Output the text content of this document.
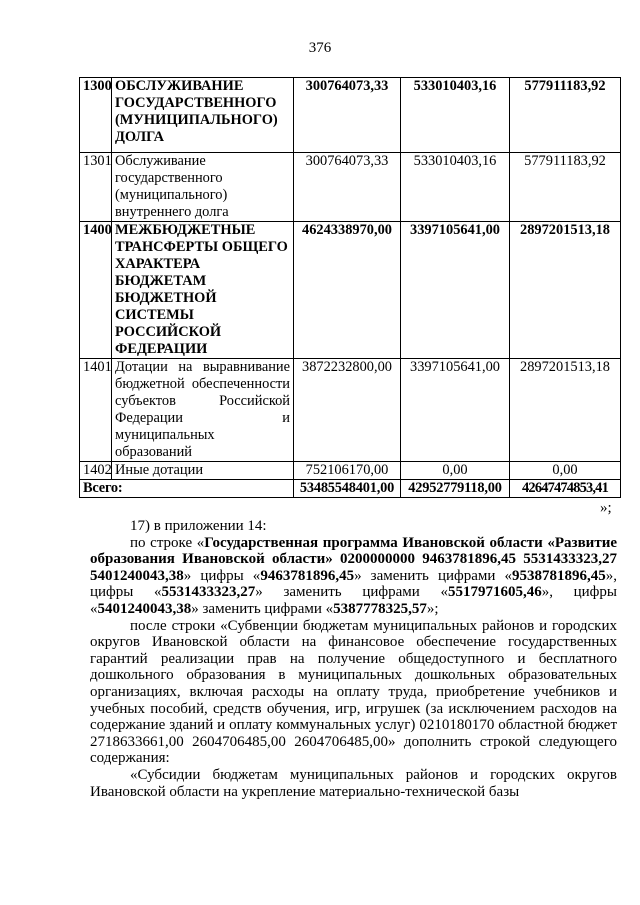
376
1300	ОБСЛУЖИВАНИЕ ГОСУДАРСТВЕННОГО (МУНИЦИПАЛЬНОГО) ДОЛГА	300764073,33	533010403,16	577911183,92
1301	Обслуживание государственного (муниципального) внутреннего долга	300764073,33	533010403,16	577911183,92
1400	МЕЖБЮДЖЕТНЫЕ ТРАНСФЕРТЫ ОБЩЕГО ХАРАКТЕРА БЮДЖЕТАМ БЮДЖЕТНОЙ СИСТЕМЫ РОССИЙСКОЙ ФЕДЕРАЦИИ	4624338970,00	3397105641,00	2897201513,18
1401	Дотации на выравнивание бюджетной обеспеченности субъектов Российской Федерации и муниципальных образований	3872232800,00	3397105641,00	2897201513,18
1402	Иные дотации	752106170,00	0,00	0,00
Всего:		53485548401,00	42952779118,00	42647474853,41
»;

17) в приложении 14:

по строке «Государственная программа Ивановской области «Развитие образования Ивановской области» 0200000000 9463781896,45 5531433323,27 5401240043,38» цифры «9463781896,45» заменить цифрами «9538781896,45», цифры «5531433323,27» заменить цифрами «5517971605,46», цифры «5401240043,38» заменить цифрами «5387778325,57»;

после строки «Субвенции бюджетам муниципальных районов и городских округов Ивановской области на финансовое обеспечение государственных гарантий реализации прав на получение общедоступного и бесплатного дошкольного образования в муниципальных дошкольных образовательных организациях, включая расходы на оплату труда, приобретение учебников и учебных пособий, средств обучения, игр, игрушек (за исключением расходов на содержание зданий и оплату коммунальных услуг) 0210180170 областной бюджет 2718633661,00 2604706485,00 2604706485,00» дополнить строкой следующего содержания:

«Субсидии бюджетам муниципальных районов и городских округов Ивановской области на укрепление материально-технической базы
